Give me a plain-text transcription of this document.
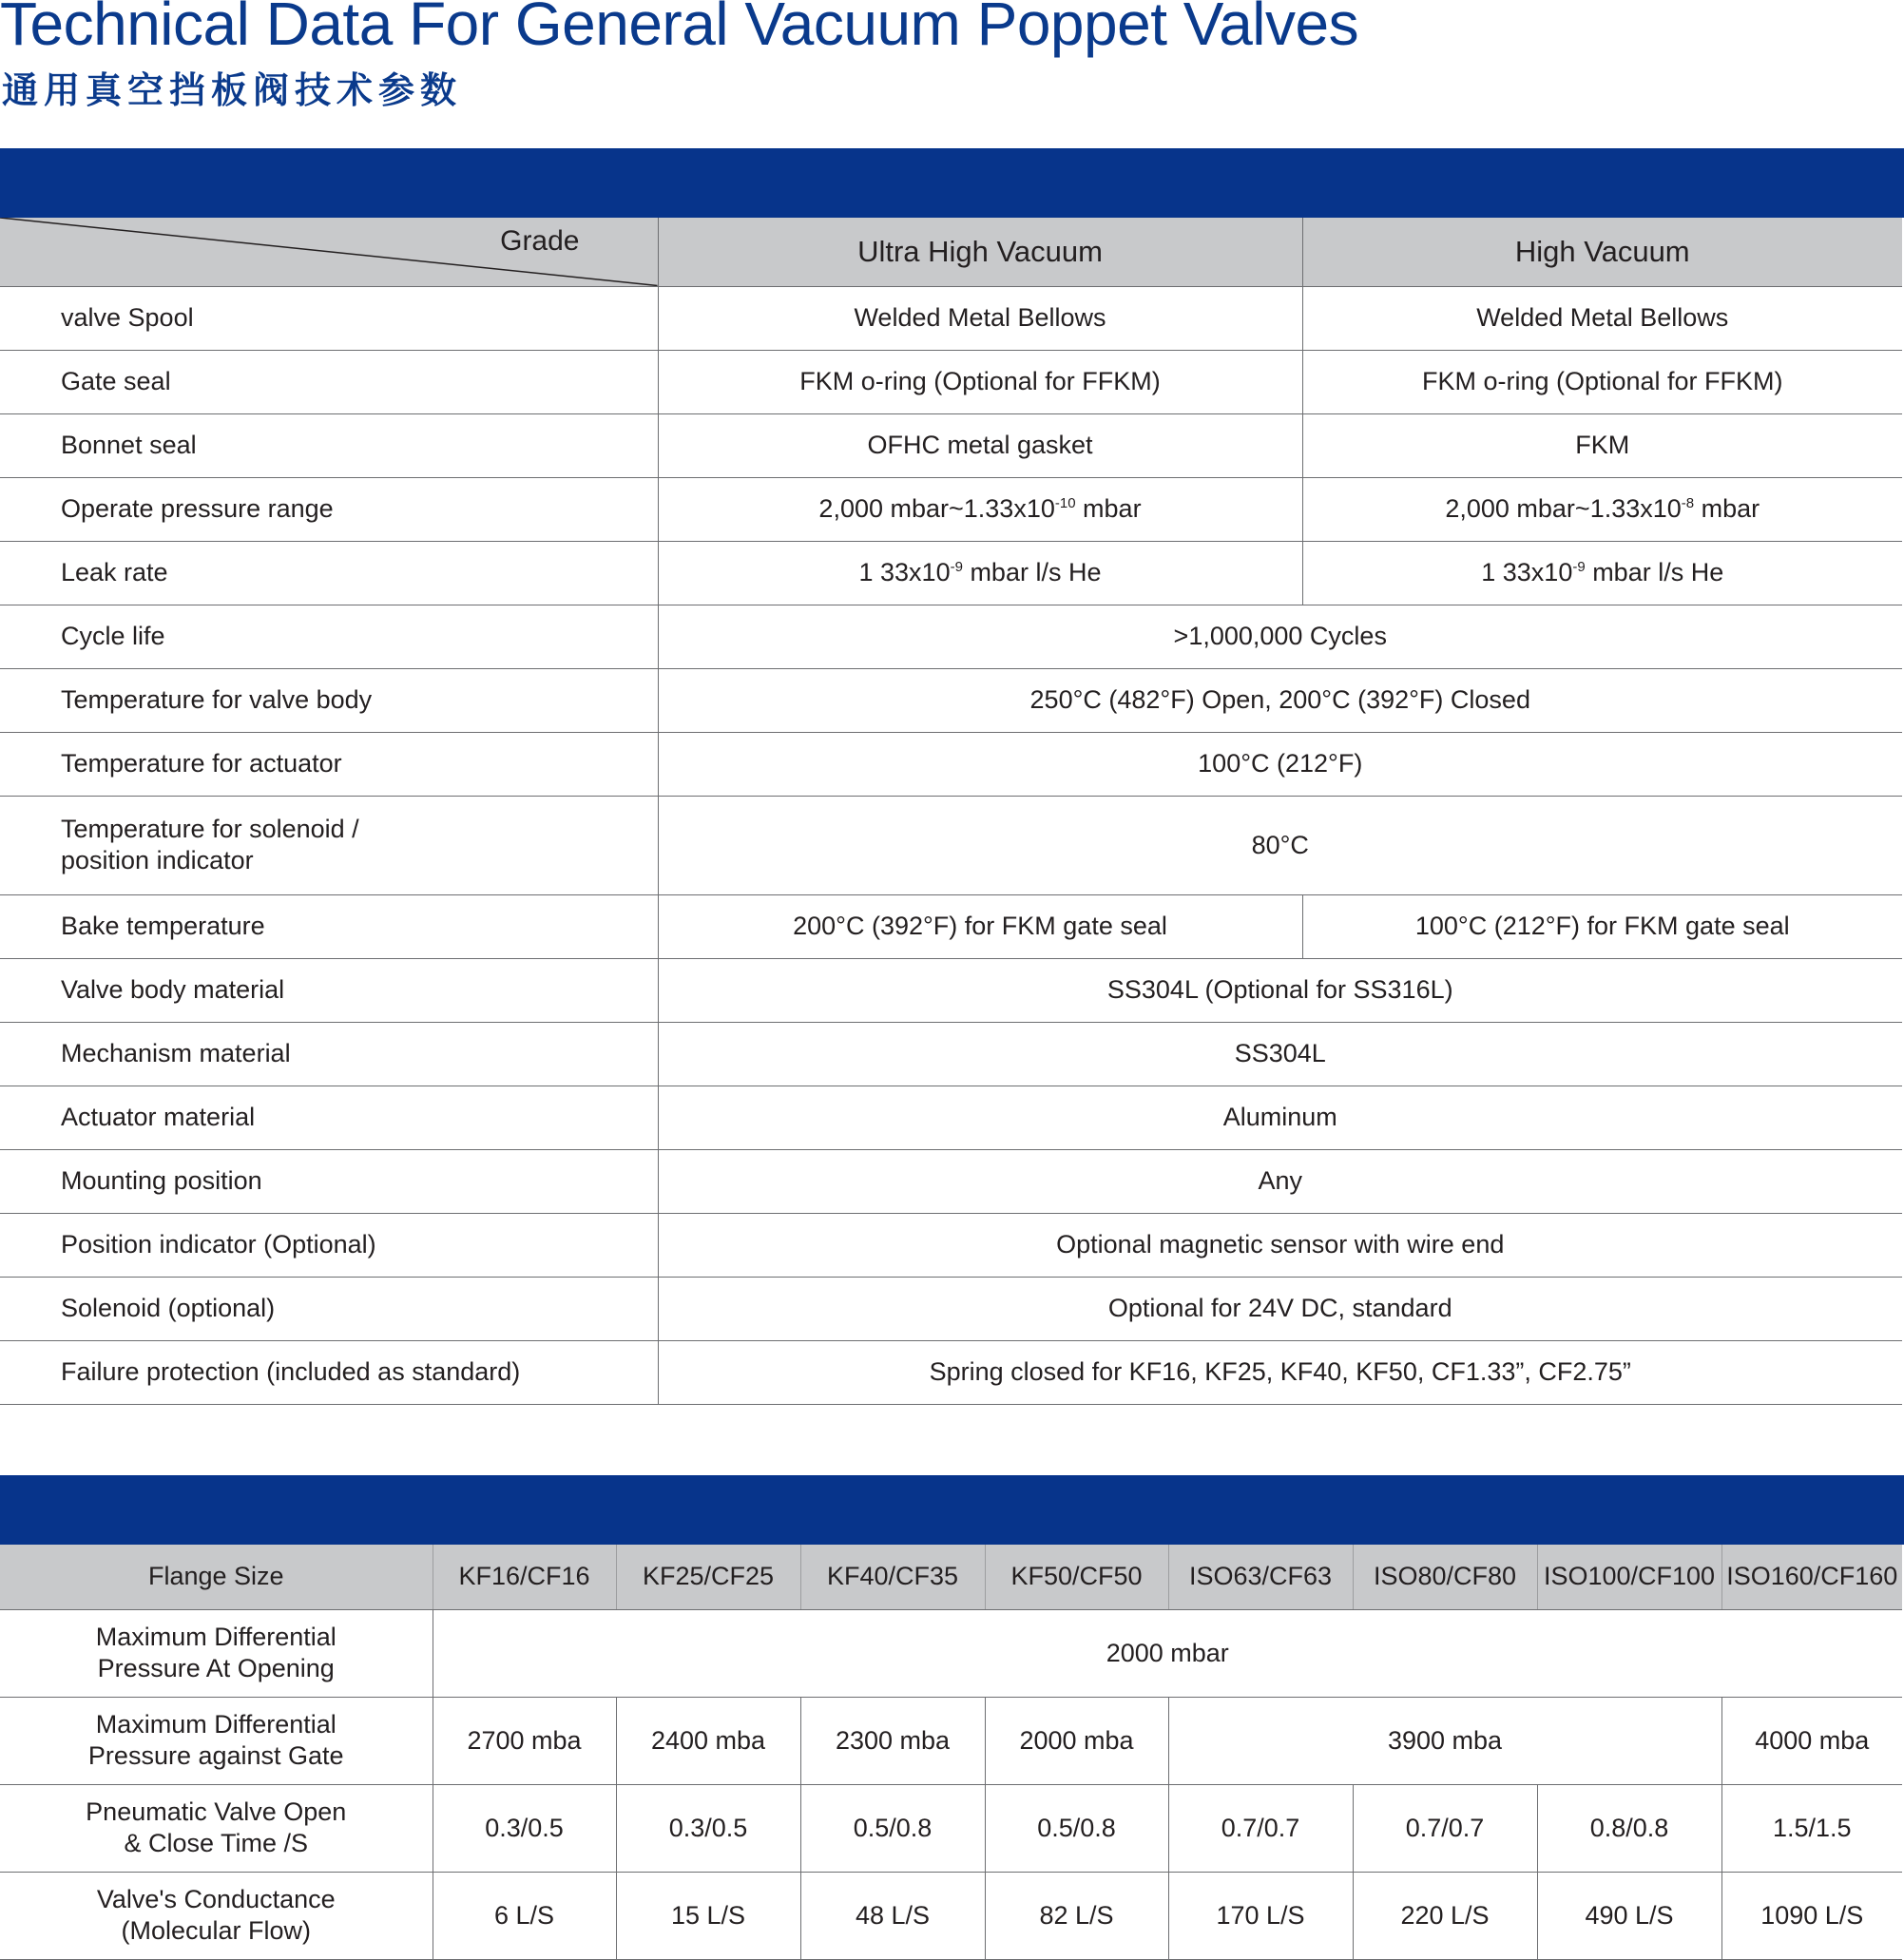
Technical Data For General Vacuum Poppet Valves
通用真空挡板阀技术参数
Grade	Ultra High Vacuum	High Vacuum
valve Spool	Welded Metal Bellows	Welded Metal Bellows
Gate seal	FKM o-ring (Optional for FFKM)	FKM o-ring (Optional for FFKM)
Bonnet seal	OFHC metal gasket	FKM
Operate pressure range	2,000 $mbar\sim 1.33x10^{-10}$ mbar	2,000 $mbar\sim 1.33x10^{-8}$ mbar
Leak rate	1 $33x10^{-9}$ mbar l/s He	1 $33x10^{-9}$ mbar l/s He
Cycle life	>1,000,000 Cycles	
Temperature for valve body	250°C (482°F) Open, 200°C (392°F) Closed	
Temperature for actuator	100°C (212°F)	
Temperature for solenoid /
position indicator	80°C	
Bake temperature	200°C (392°F) for FKM gate seal	100°C (212°F) for FKM gate seal
Valve body material	SS304L (Optional for SS316L)	
Mechanism material	SS304L	
Actuator material	Aluminum	
Mounting position	Any	
Position indicator (Optional)	Optional magnetic sensor with wire end	
Solenoid (optional)	Optional for 24V DC, standard	
Failure protection (included as standard)	Spring closed for KF16, KF25, KF40, KF50, CF1.33”, CF2.75”	
Flange Size	KF16/CF16	KF25/CF25	KF40/CF35	KF50/CF50	ISO63/CF63	ISO80/CF80	ISO100/CF100	ISO160/CF160
Maximum Differential
Pressure At Opening	2000 mbar							
Maximum Differential
Pressure against Gate	2700 mba	2400 mba	2300 mba	2000 mba	3900 mba			4000 mba
Pneumatic Valve Open
& Close Time /S	0.3/0.5	0.3/0.5	0.5/0.8	0.5/0.8	0.7/0.7	0.7/0.7	0.8/0.8	1.5/1.5
Valve's Conductance
(Molecular Flow)	6 L/S	15 L/S	48 L/S	82 L/S	170 L/S	220 L/S	490 L/S	1090 L/S
